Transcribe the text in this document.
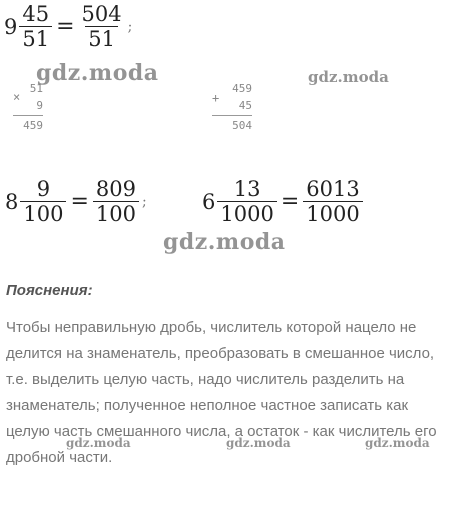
$9 \frac{45}{51} = \frac{504}{51}$ ;
×
51
9
459
+
459
45
504
$8 \frac{9}{100} = \frac{809}{100}$ ;	$6 \frac{13}{1000} = \frac{6013}{1000}$
gdz.moda	gdz.moda
gdz.moda
gdz.moda	gdz.moda	gdz.moda
Пояснения:

Чтобы неправильную дробь, числитель которой нацело не делится на знаменатель, преобразовать в смешанное число, т.е. выделить целую часть, надо числитель разделить на знаменатель; полученное неполное частное записать как целую часть смешанного числа, а остаток - как числитель его дробной части.
